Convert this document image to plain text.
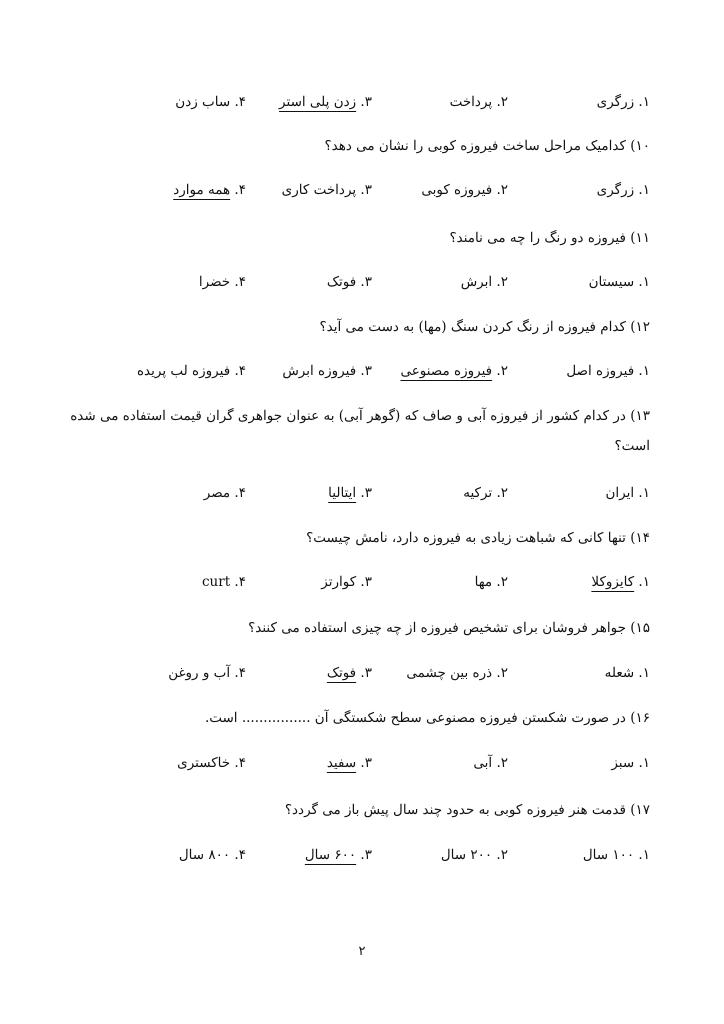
۱. زرگری
۲. پرداخت
۳. زدن پلی استر
۴. ساب زدن
۱۰) کدامیک مراحل ساخت فیروزه کوبی را نشان می دهد؟
۱. زرگری
۲. فیروزه کوبی
۳. پرداخت کاری
۴. همه موارد
۱۱) فیروزه دو رنگ را چه می نامند؟
۱. سیستان
۲. ابرش
۳. فوتک
۴. خضرا
۱۲) کدام فیروزه از رنگ کردن سنگ (مها) به دست می آید؟
۱. فیروزه اصل
۲. فیروزه مصنوعی
۳. فیروزه ابرش
۴. فیروزه لب پریده
۱۳) در کدام کشور از فیروزه آبی و صاف که (گوهر آبی) به عنوان جواهری گران قیمت استفاده می شده است؟
۱. ایران
۲. ترکیه
۳. ایتالیا
۴. مصر
۱۴) تنها کانی که شباهت زیادی به فیروزه دارد، نامش چیست؟
۱. کایزوکلا
۲. مها
۳. کوارتز
۴. curt
۱۵) جواهر فروشان برای تشخیص فیروزه از چه چیزی استفاده می کنند؟
۱. شعله
۲. ذره بین چشمی
۳. فوتک
۴. آب و روغن
۱۶) در صورت شکستن فیروزه مصنوعی سطح شکستگی آن ................ است.
۱. سبز
۲. آبی
۳. سفید
۴. خاکستری
۱۷) قدمت هنر فیروزه کوبی به حدود چند سال پیش باز می گردد؟
۱. ۱۰۰ سال
۲. ۲۰۰ سال
۳. ۶۰۰ سال
۴. ۸۰۰ سال
۲
